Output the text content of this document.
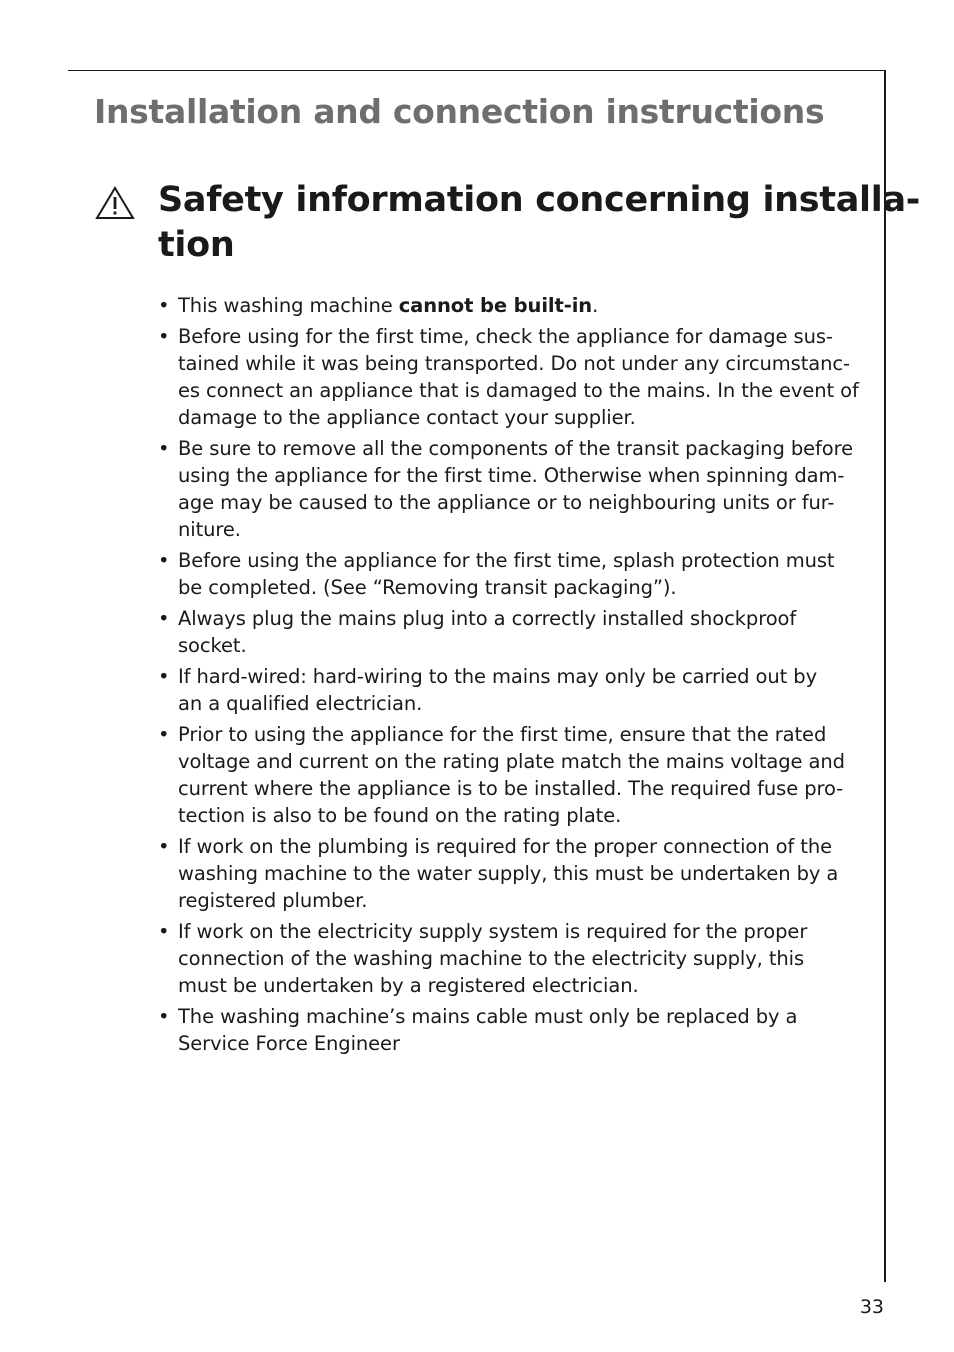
Installation and connection instructions
Safety information concerning installa-
tion
• This washing machine cannot be built-in.
• Before using for the first time, check the appliance for damage sus-
tained while it was being transported. Do not under any circumstanc-
es connect an appliance that is damaged to the mains. In the event of
damage to the appliance contact your supplier.
• Be sure to remove all the components of the transit packaging before
using the appliance for the first time. Otherwise when spinning dam-
age may be caused to the appliance or to neighbouring units or fur-
niture.
• Before using the appliance for the first time, splash protection must
be completed. (See “Removing transit packaging”).
• Always plug the mains plug into a correctly installed shockproof
socket.
• If hard-wired: hard-wiring to the mains may only be carried out by
an a qualified electrician.
• Prior to using the appliance for the first time, ensure that the rated
voltage and current on the rating plate match the mains voltage and
current where the appliance is to be installed. The required fuse pro-
tection is also to be found on the rating plate.
• If work on the plumbing is required for the proper connection of the
washing machine to the water supply, this must be undertaken by a
registered plumber.
• If work on the electricity supply system is required for the proper
connection of the washing machine to the electricity supply, this
must be undertaken by a registered electrician.
• The washing machine’s mains cable must only be replaced by a
Service Force Engineer
33
